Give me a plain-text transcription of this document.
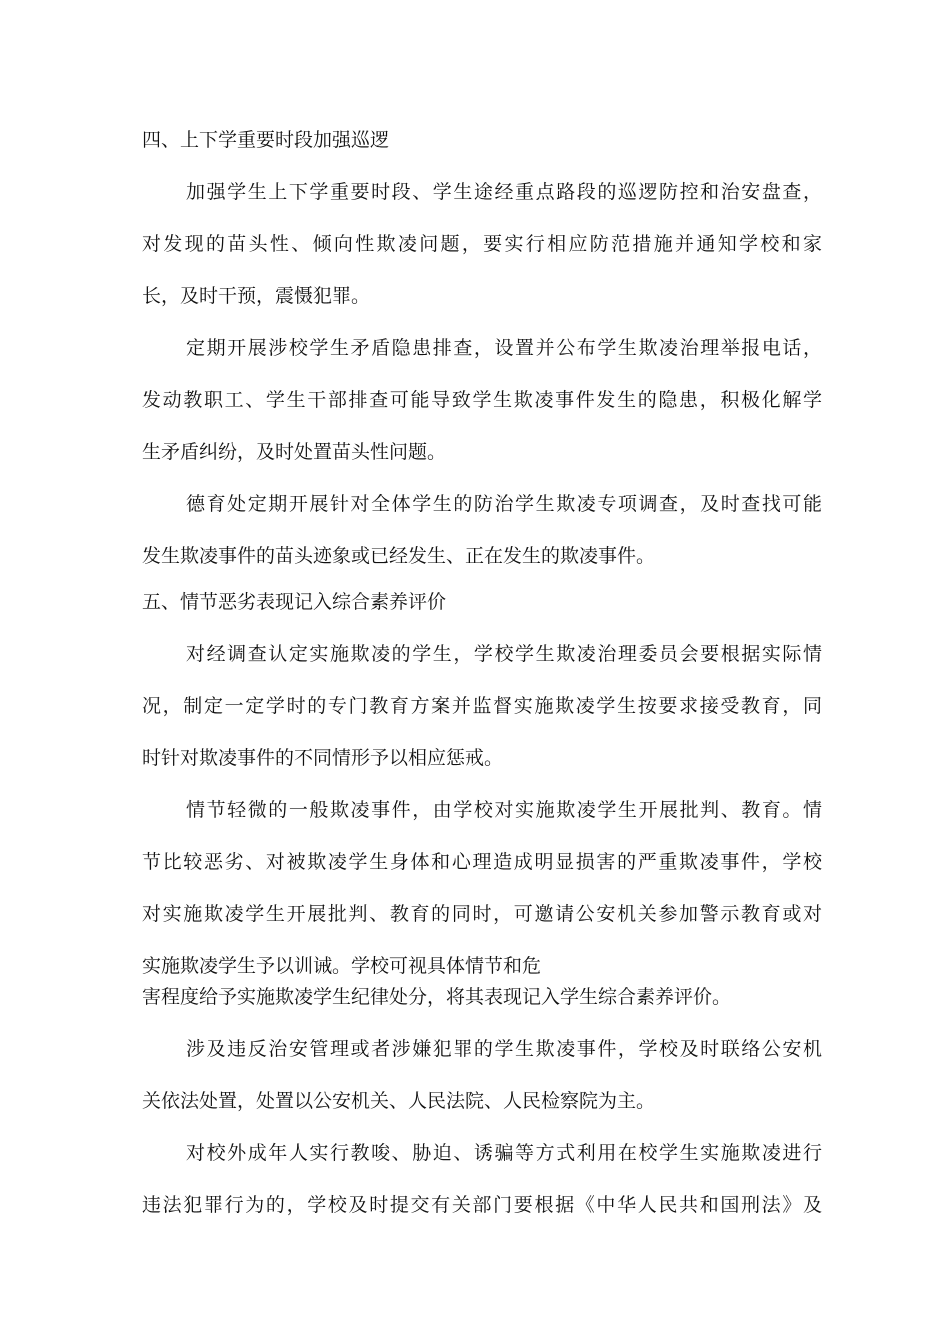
四、上下学重要时段加强巡逻
加强学生上下学重要时段、学生途经重点路段的巡逻防控和治安盘查，
对发现的苗头性、倾向性欺凌问题，要实行相应防范措施并通知学校和家
长，及时干预，震慑犯罪。
定期开展涉校学生矛盾隐患排查，设置并公布学生欺凌治理举报电话，
发动教职工、学生干部排查可能导致学生欺凌事件发生的隐患，积极化解学
生矛盾纠纷，及时处置苗头性问题。
德育处定期开展针对全体学生的防治学生欺凌专项调查，及时查找可能
发生欺凌事件的苗头迹象或已经发生、正在发生的欺凌事件。
五、情节恶劣表现记入综合素养评价
对经调查认定实施欺凌的学生，学校学生欺凌治理委员会要根据实际情
况，制定一定学时的专门教育方案并监督实施欺凌学生按要求接受教育，同
时针对欺凌事件的不同情形予以相应惩戒。
情节轻微的一般欺凌事件，由学校对实施欺凌学生开展批判、教育。情
节比较恶劣、对被欺凌学生身体和心理造成明显损害的严重欺凌事件，学校
对实施欺凌学生开展批判、教育的同时，可邀请公安机关参加警示教育或对
实施欺凌学生予以训诫。学校可视具体情节和危
害程度给予实施欺凌学生纪律处分，将其表现记入学生综合素养评价。
涉及违反治安管理或者涉嫌犯罪的学生欺凌事件，学校及时联络公安机
关依法处置，处置以公安机关、人民法院、人民检察院为主。
对校外成年人实行教唆、胁迫、诱骗等方式利用在校学生实施欺凌进行
违法犯罪行为的，学校及时提交有关部门要根据《中华人民共和国刑法》及
